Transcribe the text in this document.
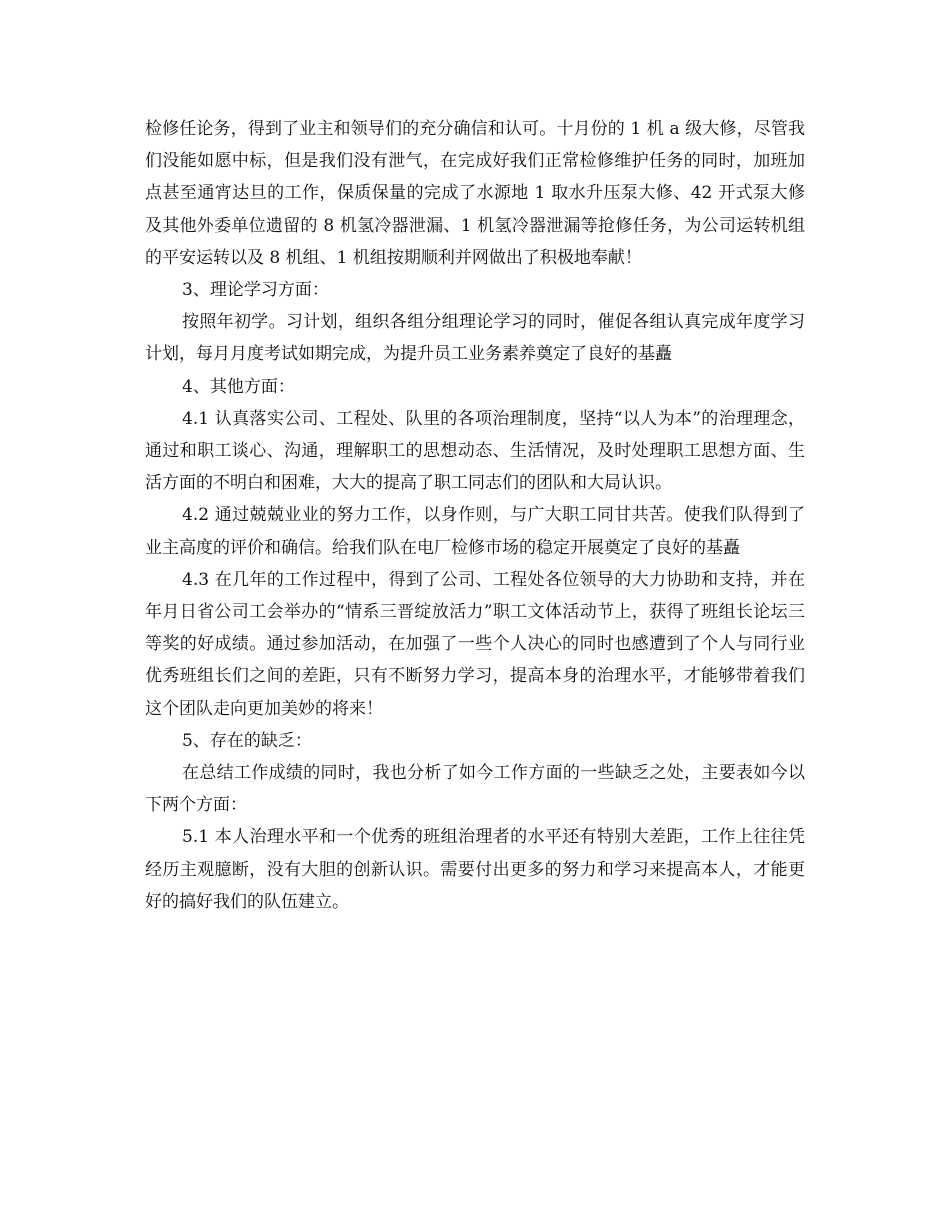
检修任论务，得到了业主和领导们的充分确信和认可。十月份的 1 机 a 级大修，尽管我们没能如愿中标，但是我们没有泄气，在完成好我们正常检修维护任务的同时，加班加点甚至通宵达旦的工作，保质保量的完成了水源地 1 取水升压泵大修、42 开式泵大修及其他外委单位遗留的 8 机氢冷器泄漏、1 机氢冷器泄漏等抢修任务，为公司运转机组的平安运转以及 8 机组、1 机组按期顺利并网做出了积极地奉献！

3、理论学习方面：

按照年初学。习计划，组织各组分组理论学习的同时，催促各组认真完成年度学习计划，每月月度考试如期完成，为提升员工业务素养奠定了良好的基矗

4、其他方面：

4.1 认真落实公司、工程处、队里的各项治理制度，坚持“以人为本”的治理理念，通过和职工谈心、沟通，理解职工的思想动态、生活情况，及时处理职工思想方面、生活方面的不明白和困难，大大的提高了职工同志们的团队和大局认识。

4.2 通过兢兢业业的努力工作，以身作则，与广大职工同甘共苦。使我们队得到了业主高度的评价和确信。给我们队在电厂检修市场的稳定开展奠定了良好的基矗

4.3 在几年的工作过程中，得到了公司、工程处各位领导的大力协助和支持，并在年月日省公司工会举办的“情系三晋绽放活力”职工文体活动节上，获得了班组长论坛三等奖的好成绩。通过参加活动，在加强了一些个人决心的同时也感遭到了个人与同行业优秀班组长们之间的差距，只有不断努力学习，提高本身的治理水平，才能够带着我们这个团队走向更加美妙的将来！

5、存在的缺乏：

在总结工作成绩的同时，我也分析了如今工作方面的一些缺乏之处，主要表如今以下两个方面：

5.1 本人治理水平和一个优秀的班组治理者的水平还有特别大差距，工作上往往凭经历主观臆断，没有大胆的创新认识。需要付出更多的努力和学习来提高本人，才能更好的搞好我们的队伍建立。
